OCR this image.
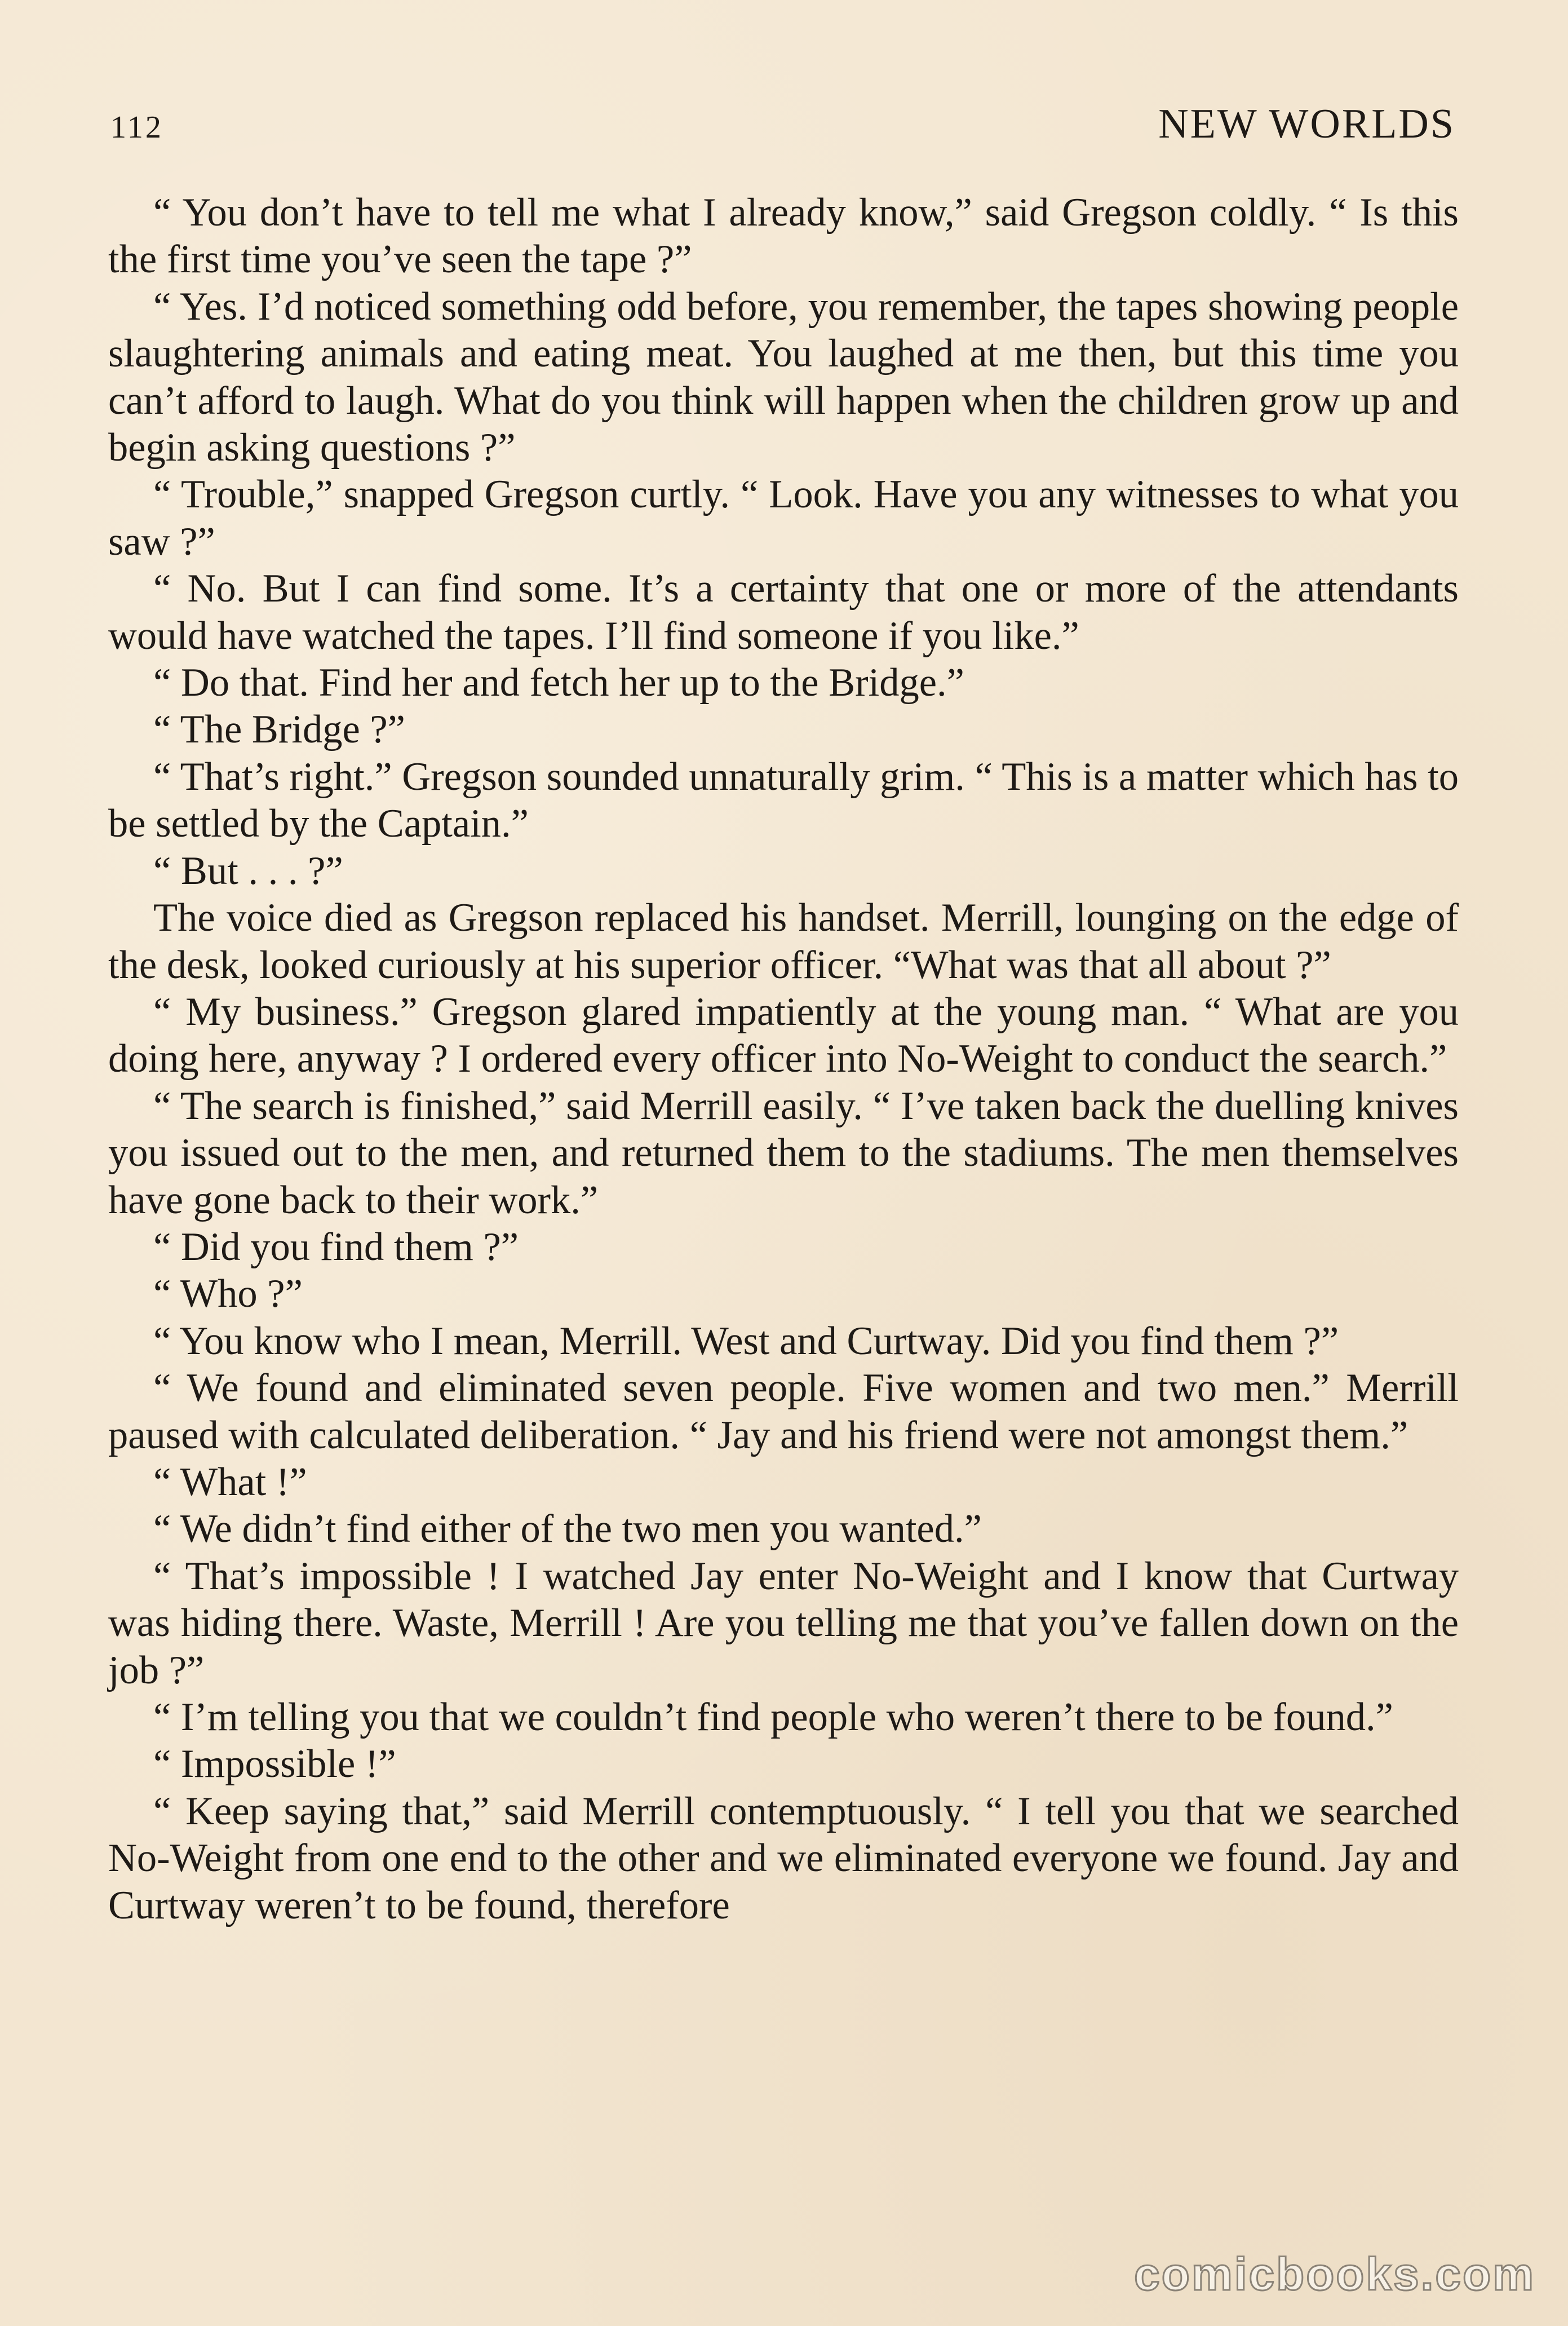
112	NEW WORLDS

“ You don’t have to tell me what I already know,” said Gregson coldly. “ Is this the first time you’ve seen the tape ?”

“ Yes. I’d noticed something odd before, you remember, the tapes showing people slaughtering animals and eating meat. You laughed at me then, but this time you can’t afford to laugh. What do you think will happen when the children grow up and begin asking questions ?”

“ Trouble,” snapped Gregson curtly. “ Look. Have you any witnesses to what you saw ?”

“ No. But I can find some. It’s a certainty that one or more of the attendants would have watched the tapes. I’ll find someone if you like.”

“ Do that. Find her and fetch her up to the Bridge.”

“ The Bridge ?”

“ That’s right.” Gregson sounded unnaturally grim. “ This is a matter which has to be settled by the Captain.”

“ But . . . ?”

The voice died as Gregson replaced his handset. Merrill, lounging on the edge of the desk, looked curiously at his superior officer. “What was that all about ?”

“ My business.” Gregson glared impatiently at the young man. “ What are you doing here, anyway ? I ordered every officer into No-Weight to conduct the search.”

“ The search is finished,” said Merrill easily. “ I’ve taken back the duelling knives you issued out to the men, and returned them to the stadiums. The men themselves have gone back to their work.”

“ Did you find them ?”

“ Who ?”

“ You know who I mean, Merrill. West and Curtway. Did you find them ?”

“ We found and eliminated seven people. Five women and two men.” Merrill paused with calculated deliberation. “ Jay and his friend were not amongst them.”

“ What !”

“ We didn’t find either of the two men you wanted.”

“ That’s impossible ! I watched Jay enter No-Weight and I know that Curtway was hiding there. Waste, Merrill ! Are you telling me that you’ve fallen down on the job ?”

“ I’m telling you that we couldn’t find people who weren’t there to be found.”

“ Impossible !”

“ Keep saying that,” said Merrill contemptuously. “ I tell you that we searched No-Weight from one end to the other and we eliminated everyone we found. Jay and Curtway weren’t to be found, therefore

comicbooks.com
